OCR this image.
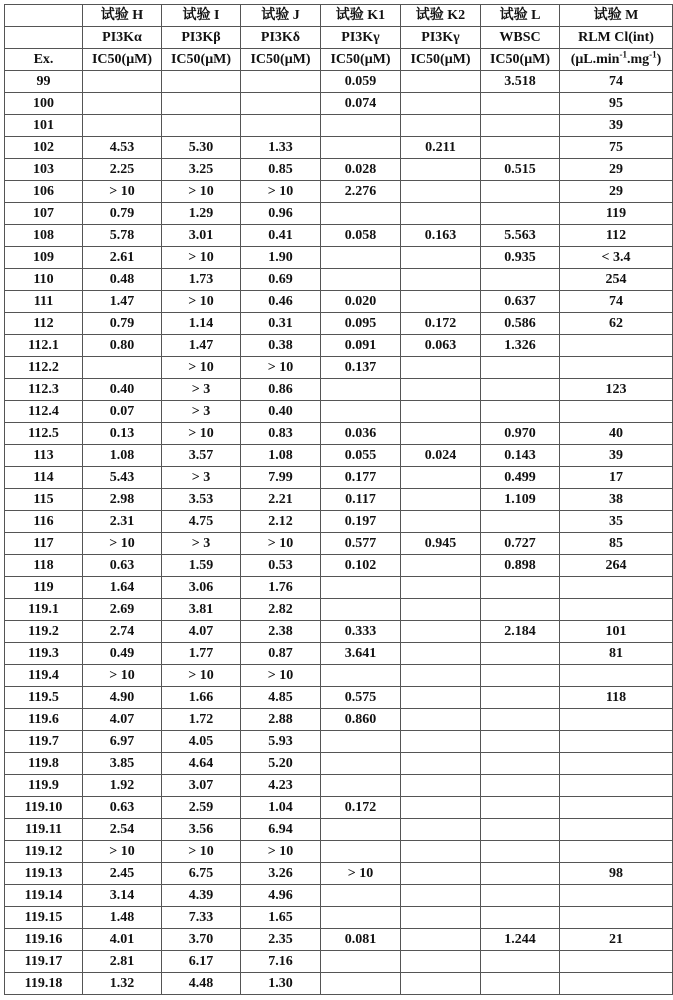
	试验 H	试验 I	试验 J	试验 K1	试验 K2	试验 L	试验 M
	PI3Kα	PI3Kβ	PI3Kδ	PI3Kγ	PI3Kγ	WBSC	RLM Cl(int)
Ex.	IC50(μM)	IC50(μM)	IC50(μM)	IC50(μM)	IC50(μM)	IC50(μM)	(μL.min-1.mg-1)
99				0.059		3.518	74
100				0.074			95
101							39
102	4.53	5.30	1.33		0.211		75
103	2.25	3.25	0.85	0.028		0.515	29
106	> 10	> 10	> 10	2.276			29
107	0.79	1.29	0.96				119
108	5.78	3.01	0.41	0.058	0.163	5.563	112
109	2.61	> 10	1.90			0.935	< 3.4
110	0.48	1.73	0.69				254
111	1.47	> 10	0.46	0.020		0.637	74
112	0.79	1.14	0.31	0.095	0.172	0.586	62
112.1	0.80	1.47	0.38	0.091	0.063	1.326	
112.2		> 10	> 10	0.137			
112.3	0.40	> 3	0.86				123
112.4	0.07	> 3	0.40				
112.5	0.13	> 10	0.83	0.036		0.970	40
113	1.08	3.57	1.08	0.055	0.024	0.143	39
114	5.43	> 3	7.99	0.177		0.499	17
115	2.98	3.53	2.21	0.117		1.109	38
116	2.31	4.75	2.12	0.197			35
117	> 10	> 3	> 10	0.577	0.945	0.727	85
118	0.63	1.59	0.53	0.102		0.898	264
119	1.64	3.06	1.76				
119.1	2.69	3.81	2.82				
119.2	2.74	4.07	2.38	0.333		2.184	101
119.3	0.49	1.77	0.87	3.641			81
119.4	> 10	> 10	> 10				
119.5	4.90	1.66	4.85	0.575			118
119.6	4.07	1.72	2.88	0.860			
119.7	6.97	4.05	5.93				
119.8	3.85	4.64	5.20				
119.9	1.92	3.07	4.23				
119.10	0.63	2.59	1.04	0.172			
119.11	2.54	3.56	6.94				
119.12	> 10	> 10	> 10				
119.13	2.45	6.75	3.26	> 10			98
119.14	3.14	4.39	4.96				
119.15	1.48	7.33	1.65				
119.16	4.01	3.70	2.35	0.081		1.244	21
119.17	2.81	6.17	7.16				
119.18	1.32	4.48	1.30				
